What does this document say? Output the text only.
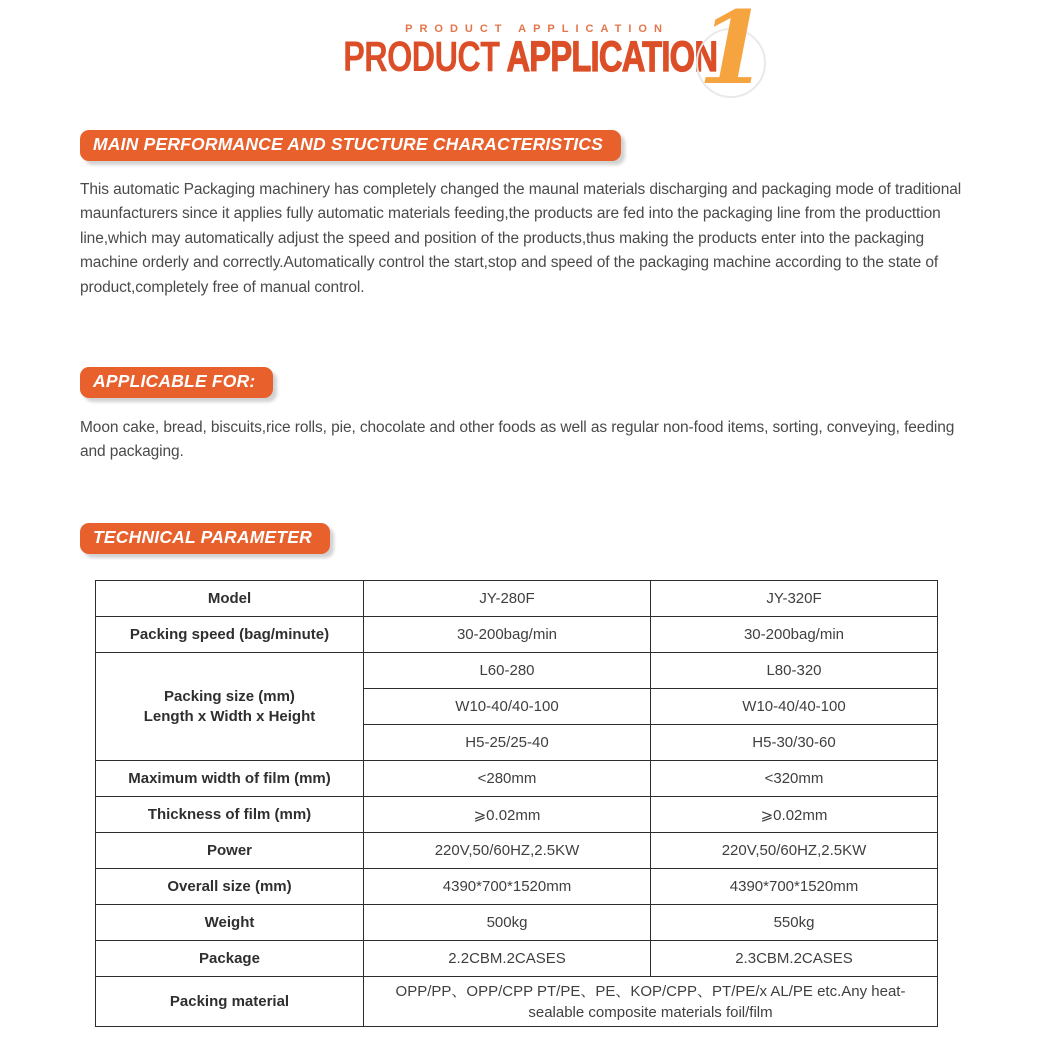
PRODUCT APPLICATION
PRODUCT APPLICATION
1
MAIN PERFORMANCE AND STUCTURE CHARACTERISTICS

This automatic Packaging machinery has completely changed the maunal materials discharging and packaging mode of traditional maunfacturers since it applies fully automatic materials feeding,the products are fed into the packaging line from the producttion line,which may automatically adjust the speed and position of the products,thus making the products enter into the packaging machine orderly and correctly.Automatically control the start,stop and speed of the packaging machine according to the state of product,completely free of manual control.

APPLICABLE FOR:

Moon cake, bread, biscuits,rice rolls, pie, chocolate and other foods as well as regular non-food items, sorting, conveying, feeding and packaging.

TECHNICAL PARAMETER
Model	JY-280F	JY-320F
Packing speed (bag/minute)	30-200bag/min	30-200bag/min

Packing size (mm)
Length x Width x Height	L60-280	L80-320
	W10-40/40-100	W10-40/40-100
	H5-25/25-40	H5-30/30-60
Maximum width of film (mm)	<280mm	<320mm
Thickness of film (mm)	⩾0.02mm	⩾0.02mm
Power	220V,50/60HZ,2.5KW	220V,50/60HZ,2.5KW
Overall size (mm)	4390*700*1520mm	4390*700*1520mm
Weight	500kg	550kg
Package	2.2CBM.2CASES	2.3CBM.2CASES
Packing material	OPP/PP、OPP/CPP PT/PE、PE、KOP/CPP、PT/PE/x AL/PE etc.Any heat-sealable composite materials foil/film	
